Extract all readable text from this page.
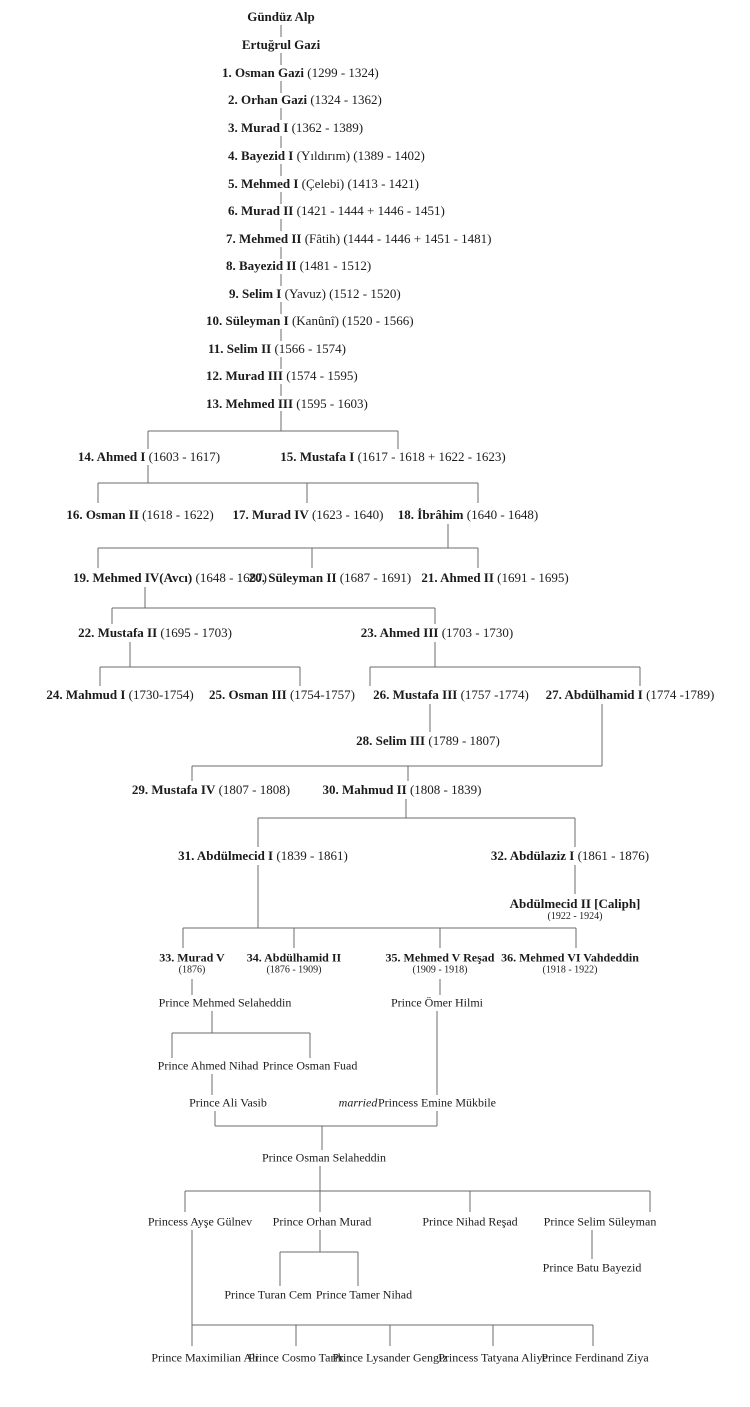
Gündüz Alp
Ertuğrul Gazi
1. Osman Gazi (1299 - 1324)
2. Orhan Gazi (1324 - 1362)
3. Murad I (1362 - 1389)
4. Bayezid I (Yıldırım) (1389 - 1402)
5. Mehmed I (Çelebi) (1413 - 1421)
6. Murad II (1421 - 1444 + 1446 - 1451)
7. Mehmed II (Fâtih) (1444 - 1446 + 1451 - 1481)
8. Bayezid II (1481 - 1512)
9. Selim I (Yavuz) (1512 - 1520)
10. Süleyman I (Kanûnî) (1520 - 1566)
11. Selim II (1566 - 1574)
12. Murad III (1574 - 1595)
13. Mehmed III (1595 - 1603)
14. Ahmed I (1603 - 1617)	15. Mustafa I (1617 - 1618 + 1622 - 1623)
16. Osman II (1618 - 1622) 17. Murad IV (1623 - 1640) 18. İbrâhim (1640 - 1648)
19. Mehmed IV(Avcı) (1648 - 1687)
20. Süleyman II (1687 - 1691) 21. Ahmed II (1691 - 1695)
22. Mustafa II (1695 - 1703)	23. Ahmed III (1703 - 1730)
24. Mahmud I (1730-1754) 25. Osman III (1754-1757) 26. Mustafa III (1757 -1774) 27. Abdülhamid I (1774 -1789)
28. Selim III (1789 - 1807)
29. Mustafa IV (1807 - 1808) 30. Mahmud II (1808 - 1839)
31. Abdülmecid I (1839 - 1861)	32. Abdülaziz I (1861 - 1876)
Abdülmecid II [Caliph]
(1922 - 1924)
33. Murad V
(1876)
34. Abdülhamid II
(1876 - 1909)
35. Mehmed V Reşad
(1909 - 1918)
36. Mehmed VI Vahdeddin
(1918 - 1922)
Prince Mehmed Selaheddin	Prince Ömer Hilmi
Prince Ahmed Nihad Prince Osman Fuad
Prince Ali Vasib	married Princess Emine Mükbile
Prince Osman Selaheddin
Princess Ayşe Gülnev Prince Orhan Murad	Prince Nihad Reşad Prince Selim Süleyman
Prince Batu Bayezid
Prince Turan Cem Prince Tamer Nihad
Prince Maximilian Ali
Prince Cosmo Tarik
Prince Lysander Gengiz
Princess Tatyana Aliye
Prince Ferdinand Ziya
